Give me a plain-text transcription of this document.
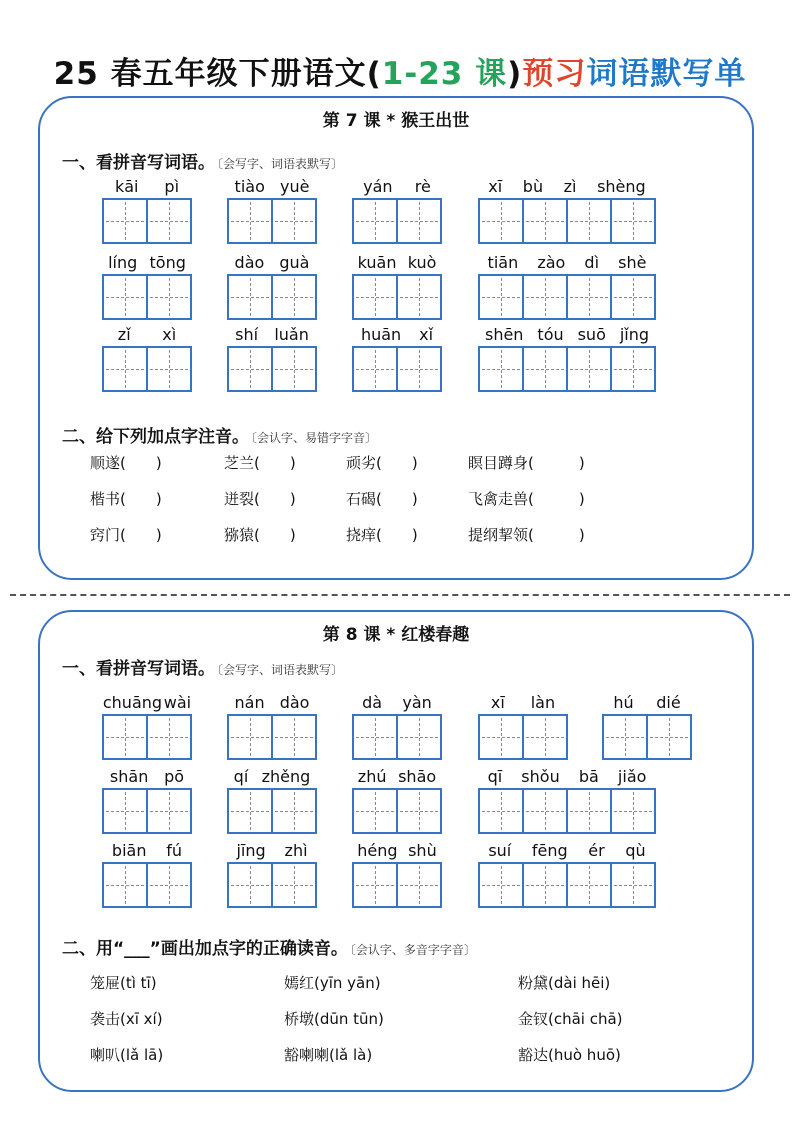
25 春五年级下册语文(1-23 课)预习词语默写单
第 7 课 * 猴王出世
一、看拼音写词语。 〔会写字、词语表默写〕
kāi pì	tiào yuè	yán rè	xī bù zì shèng
líng tōng	dào guà	kuān kuò	tiān zào dì shè
zǐ xì	shí luǎn	huān xǐ	shēn tóu suō jǐng
二、给下列加点字注音。 〔会认字、易错字字音〕
顺遂(　　)	芝兰(　　)	顽劣(　　)	瞑目蹲身(　　　)
楷书(　　)	迸裂(　　)	石碣(　　)	飞禽走兽(　　　)
窍门(　　)	猕猿(　　)	挠痒(　　)	提纲挈领(　　　)
第 8 课 * 红楼春趣
一、看拼音写词语。 〔会写字、词语表默写〕
chuāng wài	nán dào	dà yàn	xī làn	hú dié
shān pō	qí zhěng	zhú shāo	qī shǒu bā jiǎo
biān fú	jīng zhì	héng shù	suí fēng ér qù
二、用“___”画出加点字的正确读音。 〔会认字、多音字字音〕
笼屉(tì tī)	嫣红(yīn yān)	粉黛(dài hēi)
袭击(xī xí)	桥墩(dūn tūn)	金钗(chāi chā)
喇叭(lǎ lā)	豁喇喇(lǎ là)	豁达(huò huō)
